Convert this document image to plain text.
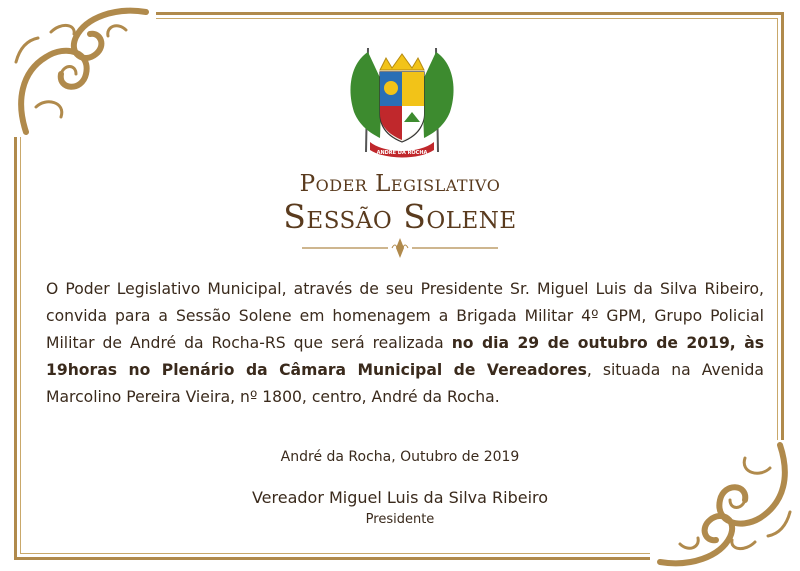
ANDRÉ DA ROCHA
Poder Legislativo
Sessão Solene
O Poder Legislativo Municipal, através de seu Presidente Sr. Miguel Luis da Silva Ribeiro, convida para a Sessão Solene em homenagem a Brigada Militar 4º GPM, Grupo Policial Militar de André da Rocha-RS que será realizada no dia 29 de outubro de 2019, às 19horas no Plenário da Câmara Municipal de Vereadores, situada na Avenida Marcolino Pereira Vieira, nº 1800, centro, André da Rocha.
André da Rocha, Outubro de 2019
Vereador Miguel Luis da Silva Ribeiro
Presidente
